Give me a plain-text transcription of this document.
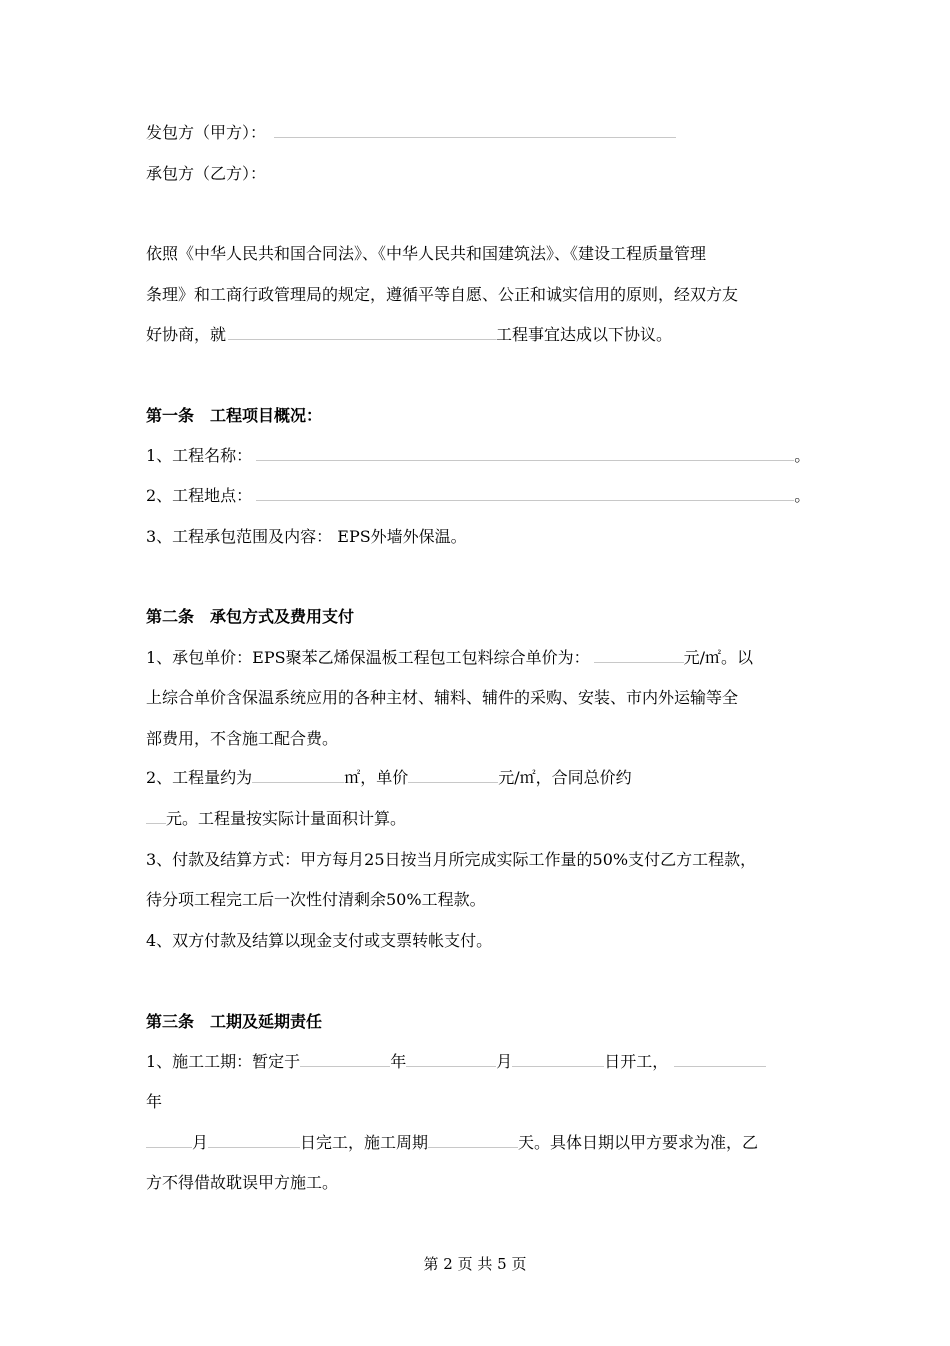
发包方（甲方）：
承包方（乙方）：
依照《中华人民共和国合同法》、《中华人民共和国建筑法》、《建设工程质量管理
条理》和工商行政管理局的规定，遵循平等自愿、公正和诚实信用的原则，经双方友
好协商，就	工程事宜达成以下协议。
第一条　工程项目概况：
1、工程名称：	。
2、工程地点：	。
3、工程承包范围及内容： EPS外墙外保温。
第二条　承包方式及费用支付
1、承包单价：EPS聚苯乙烯保温板工程包工包料综合单价为：	元/㎡。以
上综合单价含保温系统应用的各种主材、辅料、辅件的采购、安装、市内外运输等全
部费用，不含施工配合费。
2、工程量约为	㎡，单价	元/㎡，合同总价约
元。工程量按实际计量面积计算。
3、付款及结算方式：甲方每月25日按当月所完成实际工作量的50%支付乙方工程款，
待分项工程完工后一次性付清剩余50%工程款。
4、双方付款及结算以现金支付或支票转帐支付。
第三条　工期及延期责任
1、施工工期：暂定于	年	月	日开工，
年
月	日完工，施工周期	天。具体日期以甲方要求为准，乙
方不得借故耽误甲方施工。
第 2 页 共 5 页
